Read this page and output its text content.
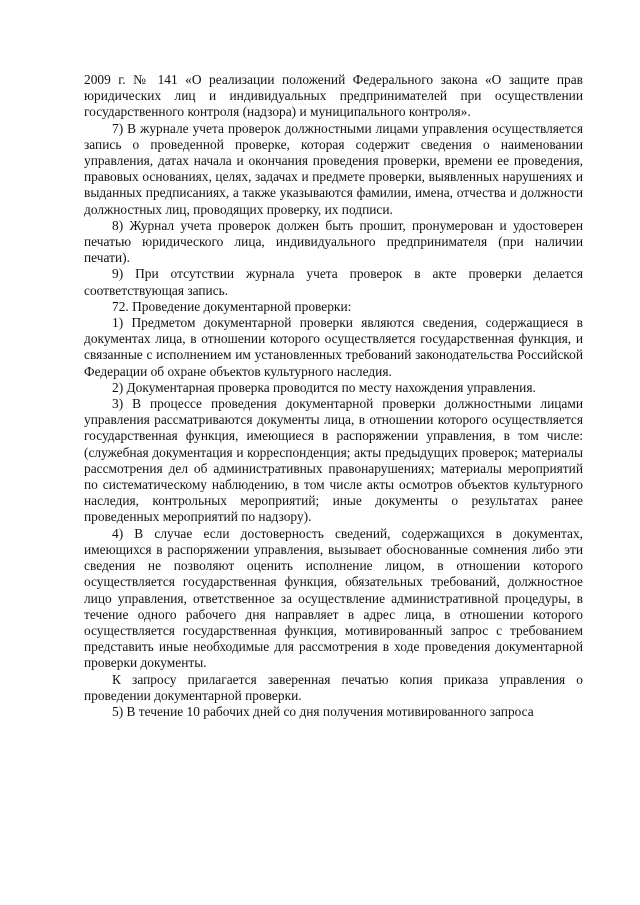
2009 г. № 141 «О реализации положений Федерального закона «О защите прав юридических лиц и индивидуальных предпринимателей при осуществлении государственного контроля (надзора) и муниципального контроля».

7) В журнале учета проверок должностными лицами управления осуществляется запись о проведенной проверке, которая содержит сведения о наименовании управления, датах начала и окончания проведения проверки, времени ее проведения, правовых основаниях, целях, задачах и предмете проверки, выявленных нарушениях и выданных предписаниях, а также указываются фамилии, имена, отчества и должности должностных лиц, проводящих проверку, их подписи.

8) Журнал учета проверок должен быть прошит, пронумерован и удостоверен печатью юридического лица, индивидуального предпринимателя (при наличии печати).

9) При отсутствии журнала учета проверок в акте проверки делается соответствующая запись.

72. Проведение документарной проверки:

1) Предметом документарной проверки являются сведения, содержащиеся в документах лица, в отношении которого осуществляется государственная функция, и связанные с исполнением им установленных требований законодательства Российской Федерации об охране объектов культурного наследия.

2) Документарная проверка проводится по месту нахождения управления.

3) В процессе проведения документарной проверки должностными лицами управления рассматриваются документы лица, в отношении которого осуществляется государственная функция, имеющиеся в распоряжении управления, в том числе: (служебная документация и корреспонденция; акты предыдущих проверок; материалы рассмотрения дел об административных правонарушениях; материалы мероприятий по систематическому наблюдению, в том числе акты осмотров объектов культурного наследия, контрольных мероприятий; иные документы о результатах ранее проведенных мероприятий по надзору).

4) В случае если достоверность сведений, содержащихся в документах, имеющихся в распоряжении управления, вызывает обоснованные сомнения либо эти сведения не позволяют оценить исполнение лицом, в отношении которого осуществляется государственная функция, обязательных требований, должностное лицо управления, ответственное за осуществление административной процедуры, в течение одного рабочего дня направляет в адрес лица, в отношении которого осуществляется государственная функция, мотивированный запрос с требованием представить иные необходимые для рассмотрения в ходе проведения документарной проверки документы.

К запросу прилагается заверенная печатью копия приказа управления о проведении документарной проверки.

5) В течение 10 рабочих дней со дня получения мотивированного запроса
